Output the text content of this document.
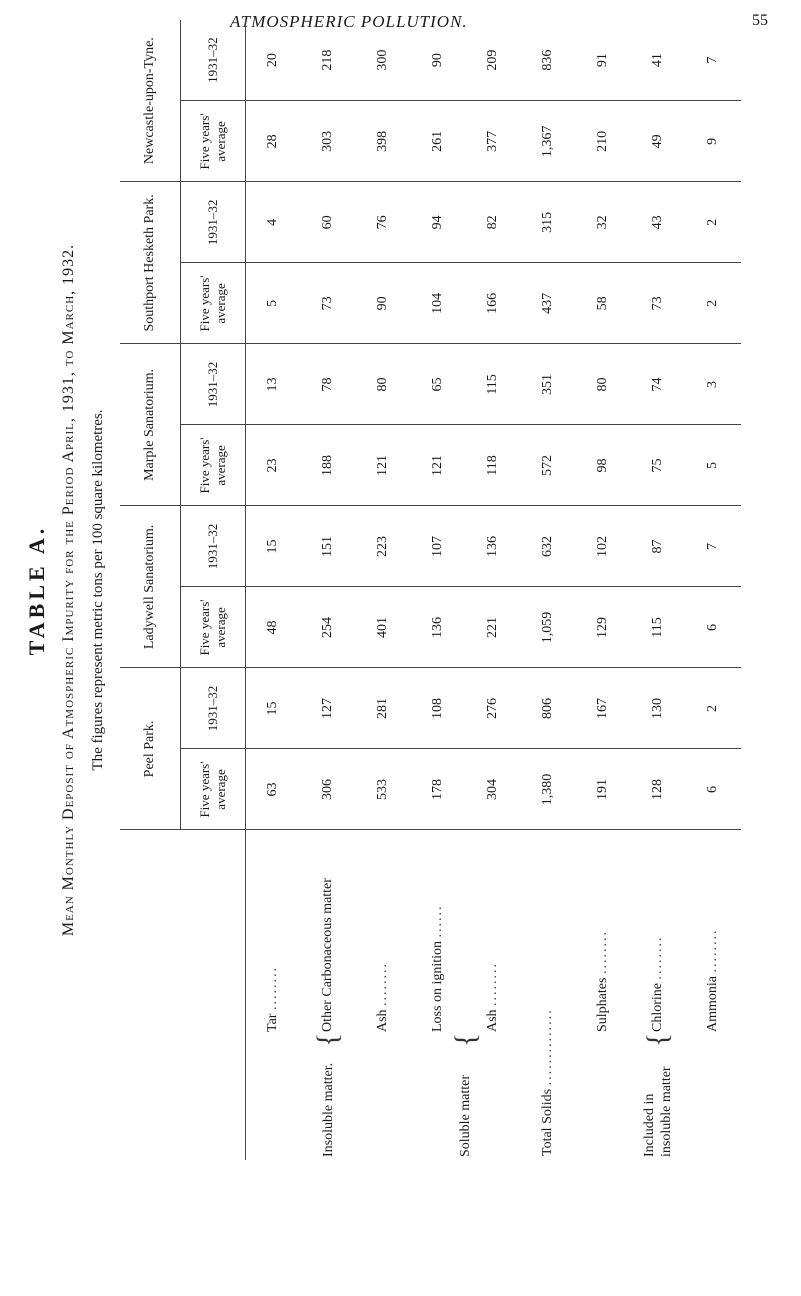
ATMOSPHERIC POLLUTION.	55
TABLE A. Mean Monthly Deposit of Atmospheric Impurity for the Period April, 1931, to March, 1932. The figures represent metric tons per 100 square kilometres.
			Peel Park.		Ladywell Sanatorium.		Marple Sanatorium.		Southport Hesketh Park.		Newcastle-upon-Tyne.	
			Five years' average	1931–32	Five years' average	1931–32	Five years' average	1931–32	Five years' average	1931–32	Five years' average	1931–32
Insoluble matter.	{	Tar ........	63	15	48	15	23	13	5	4	28	20
		Other Carbonaceous matter	306	127	254	151	188	78	73	60	303	218
		Ash ........	533	281	401	223	121	80	90	76	398	300
Soluble matter	{	Loss on ignition ......	178	108	136	107	121	65	104	94	261	90
		Ash ........	304	276	221	136	118	115	166	82	377	209
Total Solids ..............			1,380	806	1,059	632	572	351	437	315	1,367	836
Included in insoluble matter	{	Sulphates ........	191	167	129	102	98	80	58	32	210	91
		Chlorine ........	128	130	115	87	75	74	73	43	49	41
		Ammonia ........	6	2	6	7	5	3	2	2	9	7
